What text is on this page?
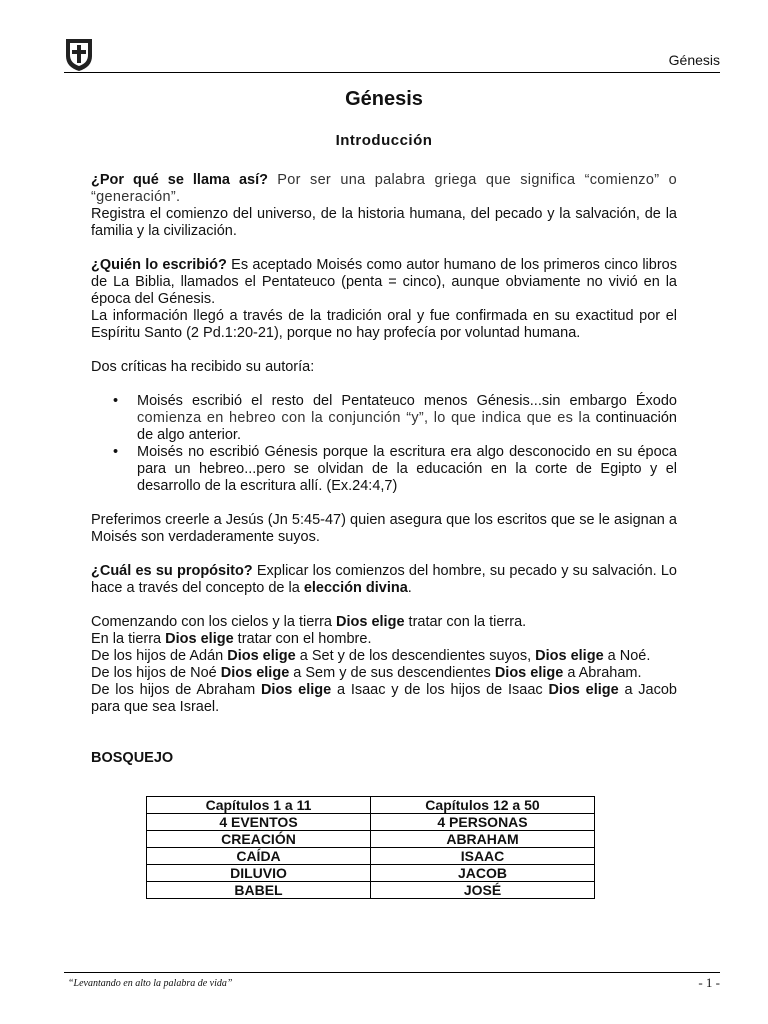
Génesis
Génesis
Introducción

¿Por qué se llama así? Por ser una palabra griega que significa “comienzo” o “generación”.

Registra el comienzo del universo, de la historia humana, del pecado y la salvación, de la familia y la civilización.

¿Quién lo escribió? Es aceptado Moisés como autor humano de los primeros cinco libros de La Biblia, llamados el Pentateuco (penta = cinco), aunque obviamente no vivió en la época del Génesis.

La información llegó a través de la tradición oral y fue confirmada en su exactitud por el Espíritu Santo (2 Pd.1:20-21), porque no hay profecía por voluntad humana.

Dos críticas ha recibido su autoría:

• Moisés escribió el resto del Pentateuco menos Génesis...sin embargo Éxodo comienza en hebreo con la conjunción “y”, lo que indica que es la continuación de algo anterior.
• Moisés no escribió Génesis porque la escritura era algo desconocido en su época para un hebreo...pero se olvidan de la educación en la corte de Egipto y el desarrollo de la escritura allí. (Ex.24:4,7)

Preferimos creerle a Jesús (Jn 5:45-47) quien asegura que los escritos que se le asignan a Moisés son verdaderamente suyos.

¿Cuál es su propósito? Explicar los comienzos del hombre, su pecado y su salvación. Lo hace a través del concepto de la elección divina.

Comenzando con los cielos y la tierra Dios elige tratar con la tierra.

En la tierra Dios elige tratar con el hombre.

De los hijos de Adán Dios elige a Set y de los descendientes suyos, Dios elige a Noé.

De los hijos de Noé Dios elige a Sem y de sus descendientes Dios elige a Abraham.

De los hijos de Abraham Dios elige a Isaac y de los hijos de Isaac Dios elige a Jacob para que sea Israel.

BOSQUEJO

Capítulos 1 a 11	Capítulos 12 a 50
4 EVENTOS	4 PERSONAS
CREACIÓN	ABRAHAM
CAÍDA	ISAAC
DILUVIO	JACOB
BABEL	JOSÉ
“Levantando en alto la palabra de vida”	- 1 -
